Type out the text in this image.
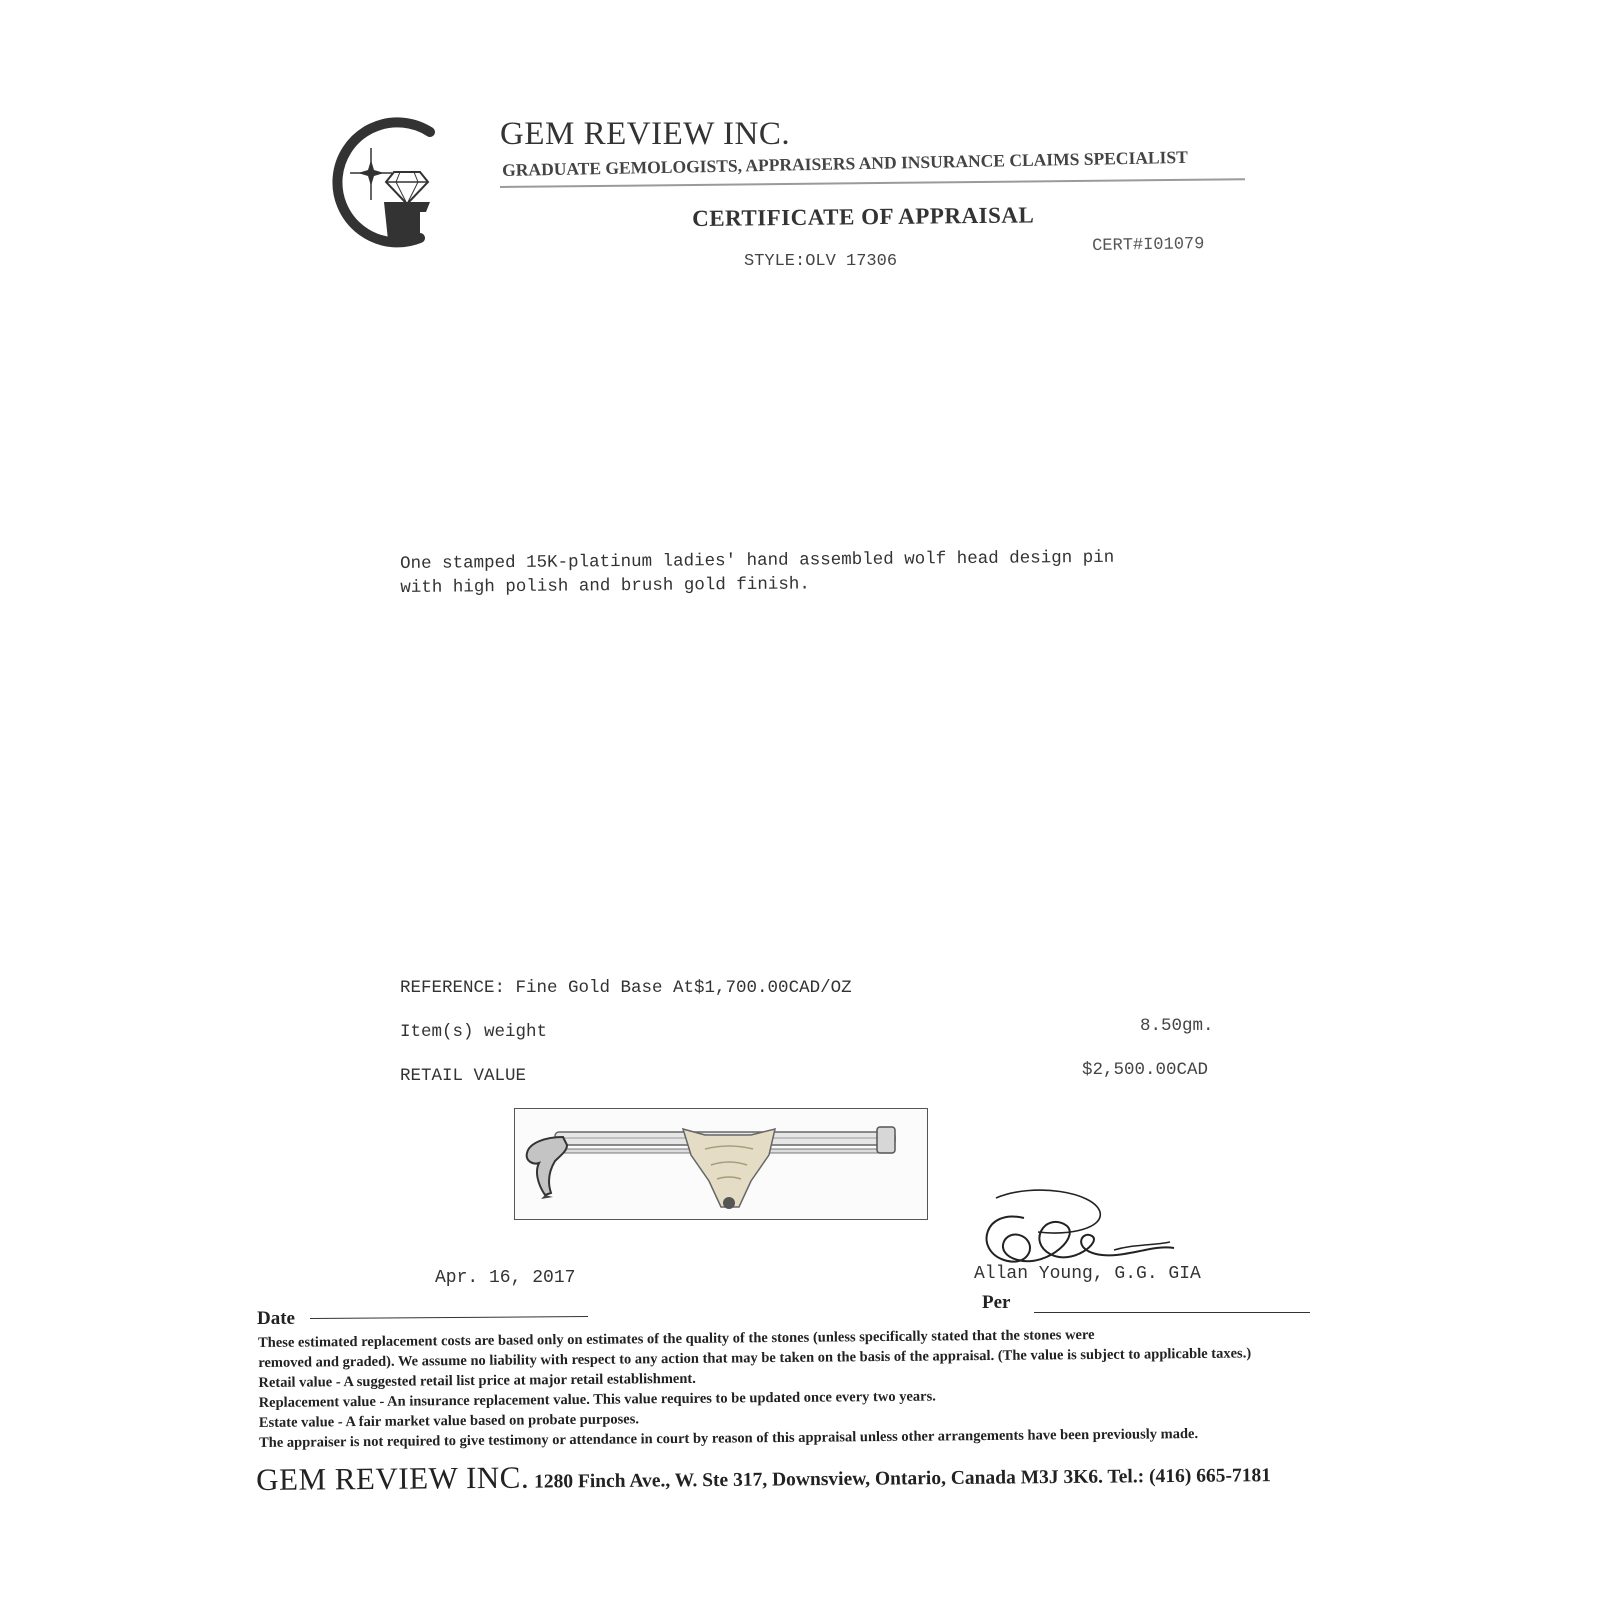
GEM REVIEW INC.
GRADUATE GEMOLOGISTS, APPRAISERS AND INSURANCE CLAIMS SPECIALIST
CERTIFICATE OF APPRAISAL
STYLE:OLV 17306
CERT#I01079
One stamped 15K-platinum ladies' hand assembled wolf head design pin
with high polish and brush gold finish.
REFERENCE: Fine Gold Base At$1,700.00CAD/OZ
Item(s) weight	8.50gm.
RETAIL VALUE	$2,500.00CAD
Apr. 16, 2017	Allan Young, G.G. GIA
Date
Per
These estimated replacement costs are based only on estimates of the quality of the stones (unless specifically stated that the stones were
removed and graded). We assume no liability with respect to any action that may be taken on the basis of the appraisal. (The value is subject to applicable taxes.)
Retail value - A suggested retail list price at major retail establishment.
Replacement value - An insurance replacement value. This value requires to be updated once every two years.
Estate value - A fair market value based on probate purposes.
The appraiser is not required to give testimony or attendance in court by reason of this appraisal unless other arrangements have been previously made.
GEM REVIEW INC. 1280 Finch Ave., W. Ste 317, Downsview, Ontario, Canada M3J 3K6. Tel.: (416) 665-7181
